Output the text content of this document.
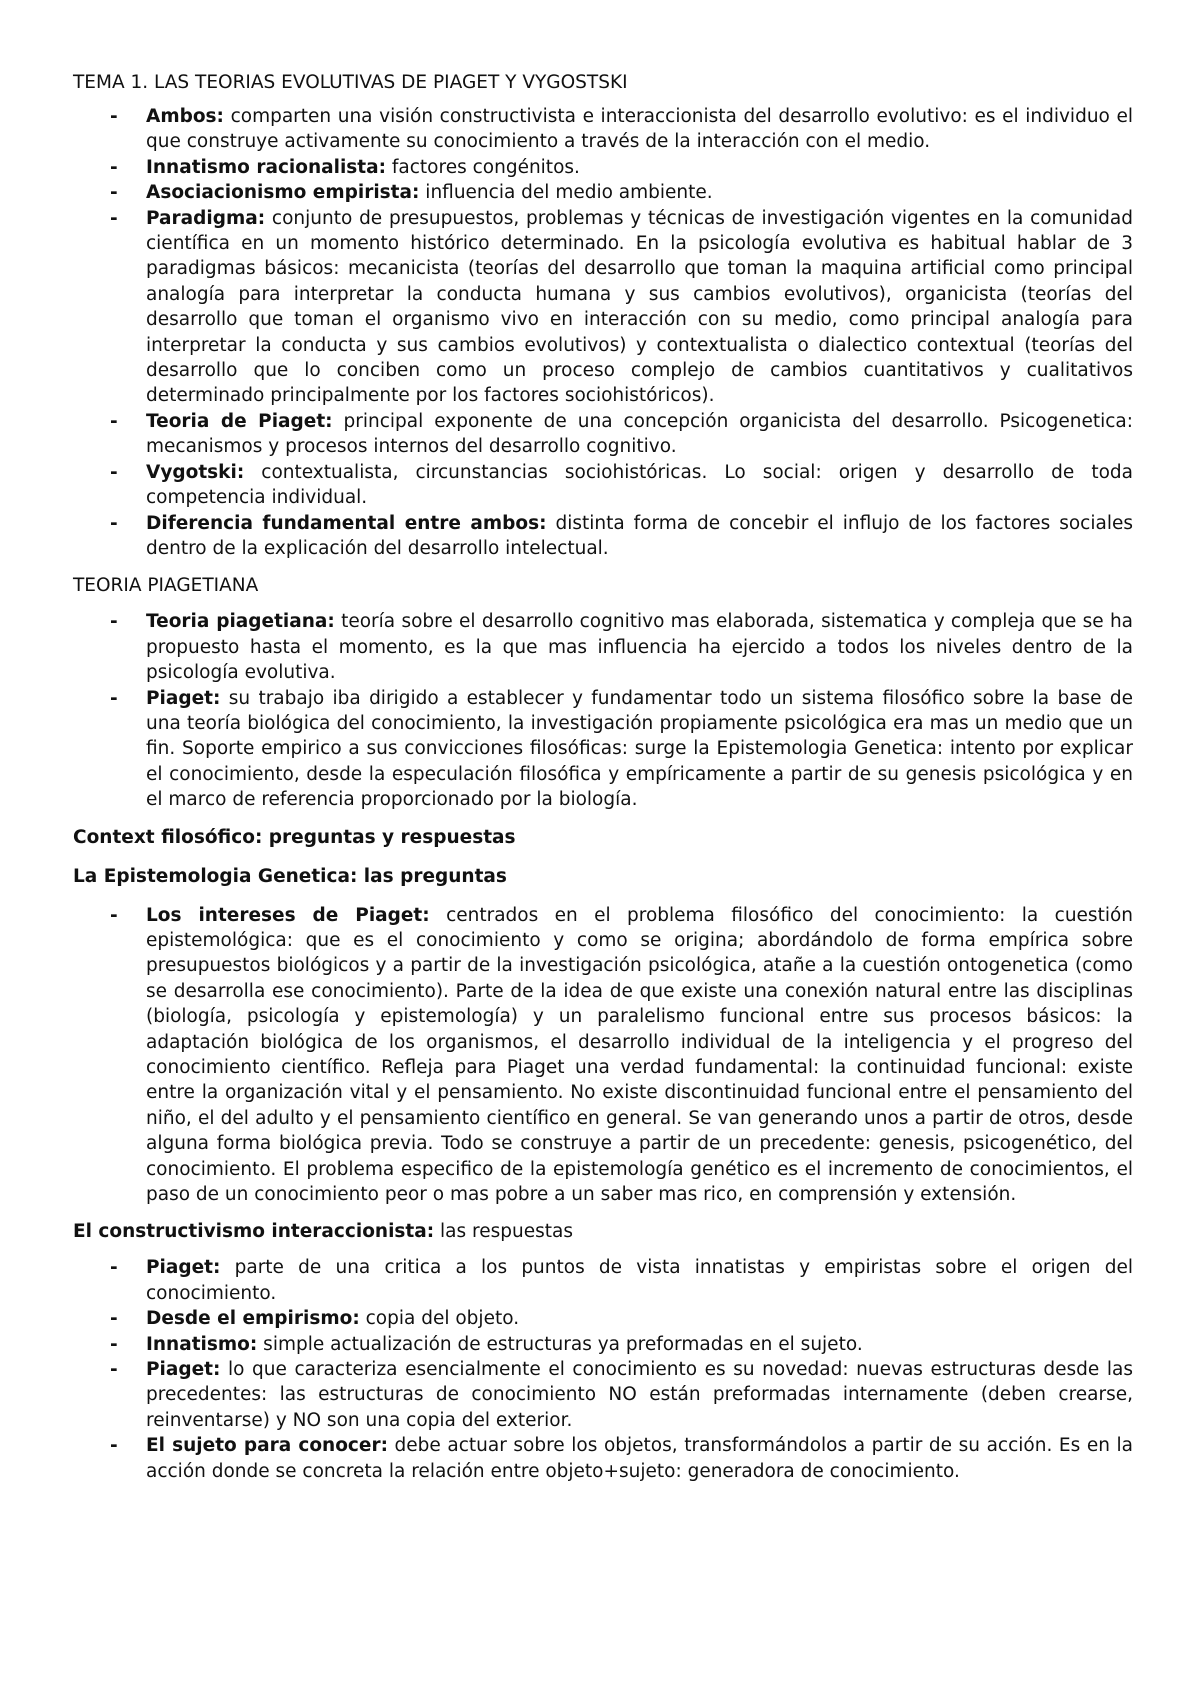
TEMA 1. LAS TEORIAS EVOLUTIVAS DE PIAGET Y VYGOSTSKI
- Ambos: comparten una visión constructivista e interaccionista del desarrollo evolutivo: es el individuo el que construye activamente su conocimiento a través de la interacción con el medio.
- Innatismo racionalista: factores congénitos.
- Asociacionismo empirista: influencia del medio ambiente.
- Paradigma: conjunto de presupuestos, problemas y técnicas de investigación vigentes en la comunidad científica en un momento histórico determinado. En la psicología evolutiva es habitual hablar de 3 paradigmas básicos: mecanicista (teorías del desarrollo que toman la maquina artificial como principal analogía para interpretar la conducta humana y sus cambios evolutivos), organicista (teorías del desarrollo que toman el organismo vivo en interacción con su medio, como principal analogía para interpretar la conducta y sus cambios evolutivos) y contextualista o dialectico contextual (teorías del desarrollo que lo conciben como un proceso complejo de cambios cuantitativos y cualitativos determinado principalmente por los factores sociohistóricos).
- Teoria de Piaget: principal exponente de una concepción organicista del desarrollo. Psicogenetica: mecanismos y procesos internos del desarrollo cognitivo.
- Vygotski: contextualista, circunstancias sociohistóricas. Lo social: origen y desarrollo de toda competencia individual.
- Diferencia fundamental entre ambos: distinta forma de concebir el influjo de los factores sociales dentro de la explicación del desarrollo intelectual.
TEORIA PIAGETIANA
- Teoria piagetiana: teoría sobre el desarrollo cognitivo mas elaborada, sistematica y compleja que se ha propuesto hasta el momento, es la que mas influencia ha ejercido a todos los niveles dentro de la psicología evolutiva.
- Piaget: su trabajo iba dirigido a establecer y fundamentar todo un sistema filosófico sobre la base de una teoría biológica del conocimiento, la investigación propiamente psicológica era mas un medio que un fin. Soporte empirico a sus convicciones filosóficas: surge la Epistemologia Genetica: intento por explicar el conocimiento, desde la especulación filosófica y empíricamente a partir de su genesis psicológica y en el marco de referencia proporcionado por la biología.
Context filosófico: preguntas y respuestas
La Epistemologia Genetica: las preguntas
- Los intereses de Piaget: centrados en el problema filosófico del conocimiento: la cuestión epistemológica: que es el conocimiento y como se origina; abordándolo de forma empírica sobre presupuestos biológicos y a partir de la investigación psicológica, atañe a la cuestión ontogenetica (como se desarrolla ese conocimiento). Parte de la idea de que existe una conexión natural entre las disciplinas (biología, psicología y epistemología) y un paralelismo funcional entre sus procesos básicos: la adaptación biológica de los organismos, el desarrollo individual de la inteligencia y el progreso del conocimiento científico. Refleja para Piaget una verdad fundamental: la continuidad funcional: existe entre la organización vital y el pensamiento. No existe discontinuidad funcional entre el pensamiento del niño, el del adulto y el pensamiento científico en general. Se van generando unos a partir de otros, desde alguna forma biológica previa. Todo se construye a partir de un precedente: genesis, psicogenético, del conocimiento. El problema especifico de la epistemología genético es el incremento de conocimientos, el paso de un conocimiento peor o mas pobre a un saber mas rico, en comprensión y extensión.
El constructivismo interaccionista: las respuestas
- Piaget: parte de una critica a los puntos de vista innatistas y empiristas sobre el origen del conocimiento.
- Desde el empirismo: copia del objeto.
- Innatismo: simple actualización de estructuras ya preformadas en el sujeto.
- Piaget: lo que caracteriza esencialmente el conocimiento es su novedad: nuevas estructuras desde las precedentes: las estructuras de conocimiento NO están preformadas internamente (deben crearse, reinventarse) y NO son una copia del exterior.
- El sujeto para conocer: debe actuar sobre los objetos, transformándolos a partir de su acción. Es en la acción donde se concreta la relación entre objeto+sujeto: generadora de conocimiento.
